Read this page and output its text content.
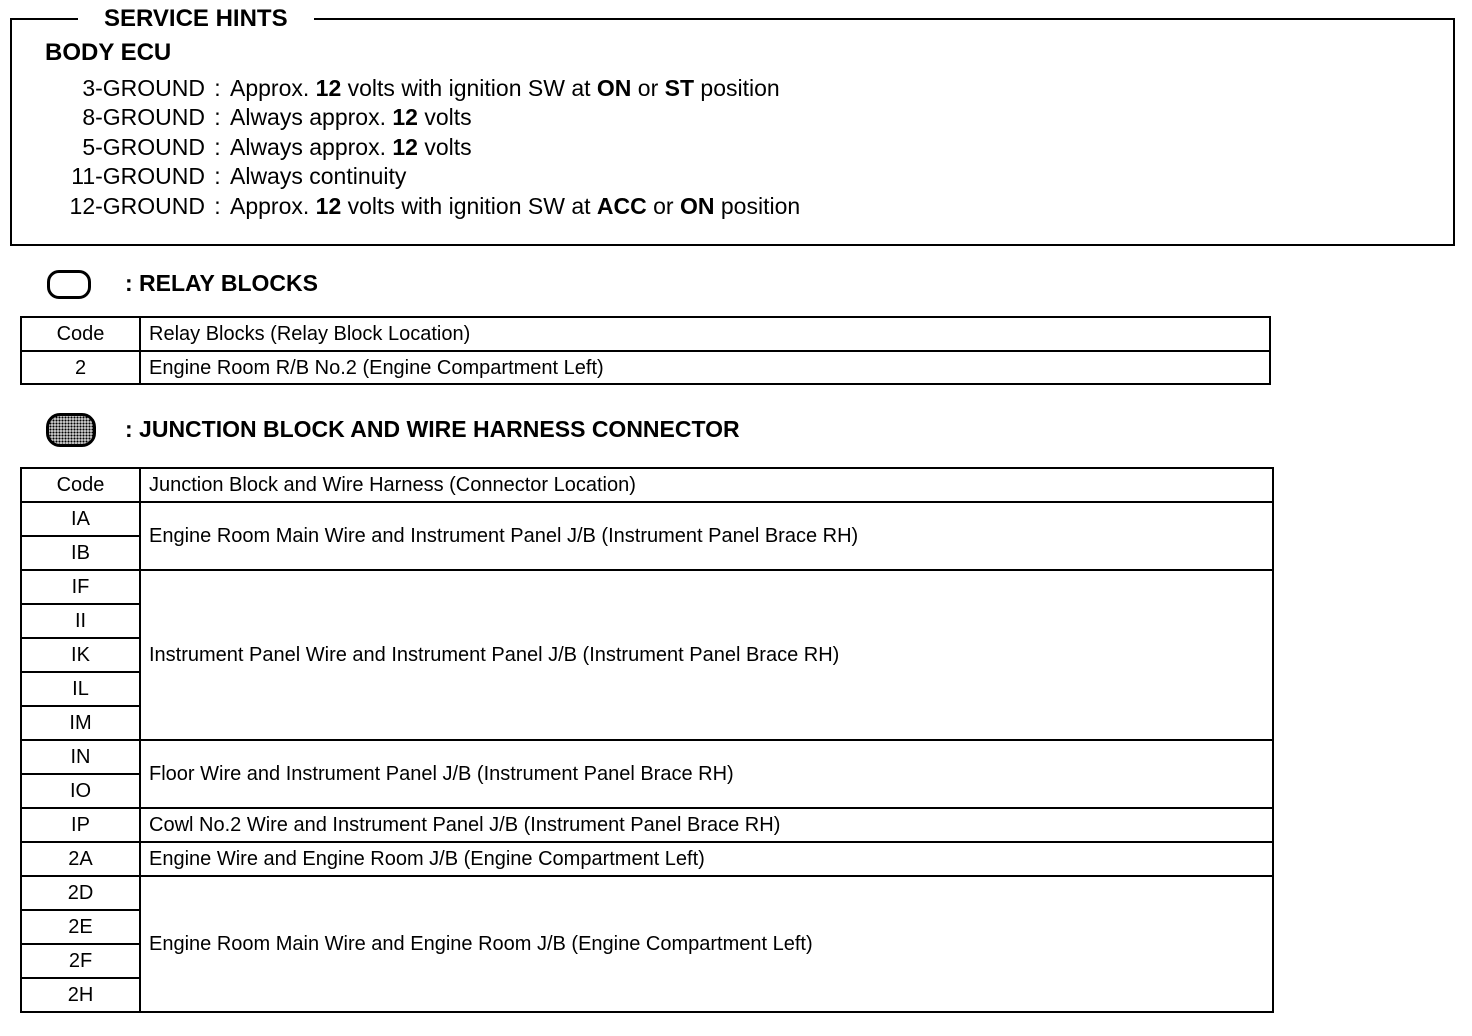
SERVICE HINTS
BODY ECU
3-GROUND : Approx. 12 volts with ignition SW at ON or ST position
8-GROUND : Always approx. 12 volts
5-GROUND : Always approx. 12 volts
11-GROUND : Always continuity
12-GROUND : Approx. 12 volts with ignition SW at ACC or ON position
: RELAY BLOCKS
Code	Relay Blocks (Relay Block Location)
2	Engine Room R/B No.2 (Engine Compartment Left)
: JUNCTION BLOCK AND WIRE HARNESS CONNECTOR
Code	Junction Block and Wire Harness (Connector Location)
IA	Engine Room Main Wire and Instrument Panel J/B (Instrument Panel Brace RH)
IB	
IF	Instrument Panel Wire and Instrument Panel J/B (Instrument Panel Brace RH)
II	
IK	
IL	
IM	
IN	Floor Wire and Instrument Panel J/B (Instrument Panel Brace RH)
IO	
IP	Cowl No.2 Wire and Instrument Panel J/B (Instrument Panel Brace RH)
2A	Engine Wire and Engine Room J/B (Engine Compartment Left)
2D	Engine Room Main Wire and Engine Room J/B (Engine Compartment Left)
2E	
2F	
2H	
